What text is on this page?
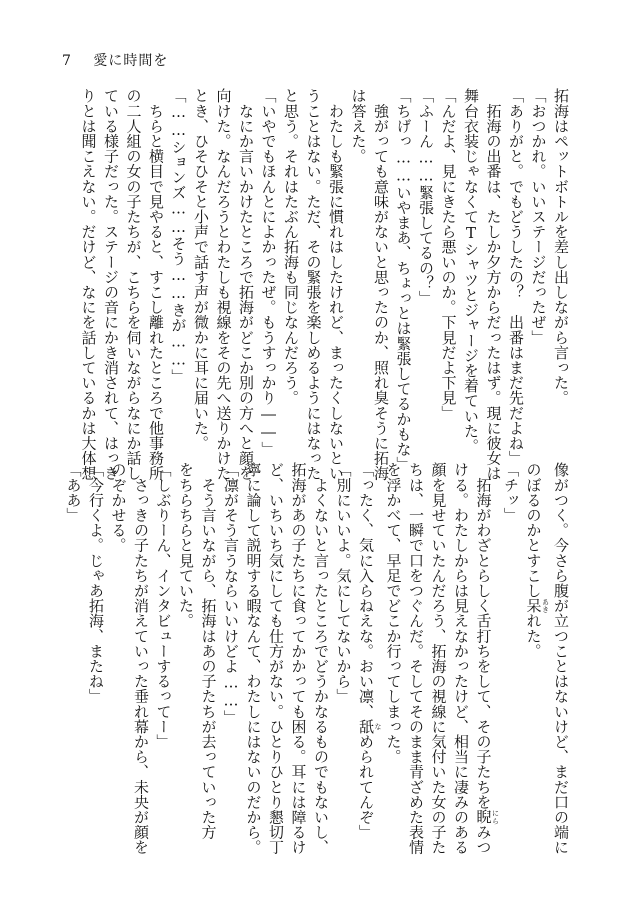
7 愛に時間を
拓海はペットボトルを差し出しながら言った。
「おつかれ。いいステージだったぜ」
「ありがと。でもどうしたの？　出番はまだ先だよね」
　拓海の出番は、たしか夕方からだったはず。現に彼女は
舞台衣装じゃなくてTシャツとジャージを着ていた。
「んだよ、見にきたら悪いのか。下見だよ下見」
「ふーん……緊張してるの？」
「ちげっ……いやまあ、ちょっとは緊張してるかもな」
　強がっても意味がないと思ったのか、照れ臭そうに拓海
は答えた。
　わたしも緊張に慣れはしたけれど、まったくしないとい
うことはない。ただ、その緊張を楽しめるようにはなった
と思う。それはたぶん拓海も同じなんだろう。
「いやでもほんとによかったぜ。もうすっかり――」
　なにか言いかけたところで拓海がどこか別の方へと顔を
向けた。なんだろうとわたしも視線をその先へ送りかけた
とき、ひそひそと小声で話す声が微かに耳に届いた。
「……ションズ……そう……きが……」
　ちらと横目で見やると、すこし離れたところで他事務所
の二人組の女の子たちが、こちらを伺いながらなにか話し
ている様子だった。ステージの音にかき消されて、はっき
りとは聞こえない。だけど、なにを話しているかは大体想
像がつく。今さら腹が立つことはないけど、まだ口の端に
のぼるのかとすこし呆 あきれた。
「チッ」
　拓海がわざとらしく舌打ちをして、その子たちを睨 にらみつ
ける。わたしからは見えなかったけど、相当に凄みのある
顔を見せていたんだろう、拓海の視線に気付いた女の子た
ちは、一瞬で口をつぐんだ。そしてそのまま青ざめた表情
を浮かべて、早足でどこか行ってしまった。
「ったく、気に入らねえな。おい凛、舐 なめられてんぞ」
「別にいいよ。気にしてないから」
　よくないと言ったところでどうかなるものでもないし、
拓海があの子たちに食ってかかっても困る。耳には障るけ
ど、いちいち気にしても仕方がない。ひとりひとり懇切丁
寧に論して説明する暇なんて、わたしにはないのだから。
「凛がそう言うならいいけどよ……」
　そう言いながら、拓海はあの子たちが去っていった方
をちらちらと見ていた。
「しぶりーん、インタビューするってー」
　さっきの子たちが消えていった垂れ幕から、未央が顔を
のぞかせる。
「今行くよ。じゃあ拓海、またね」
「ああ」
